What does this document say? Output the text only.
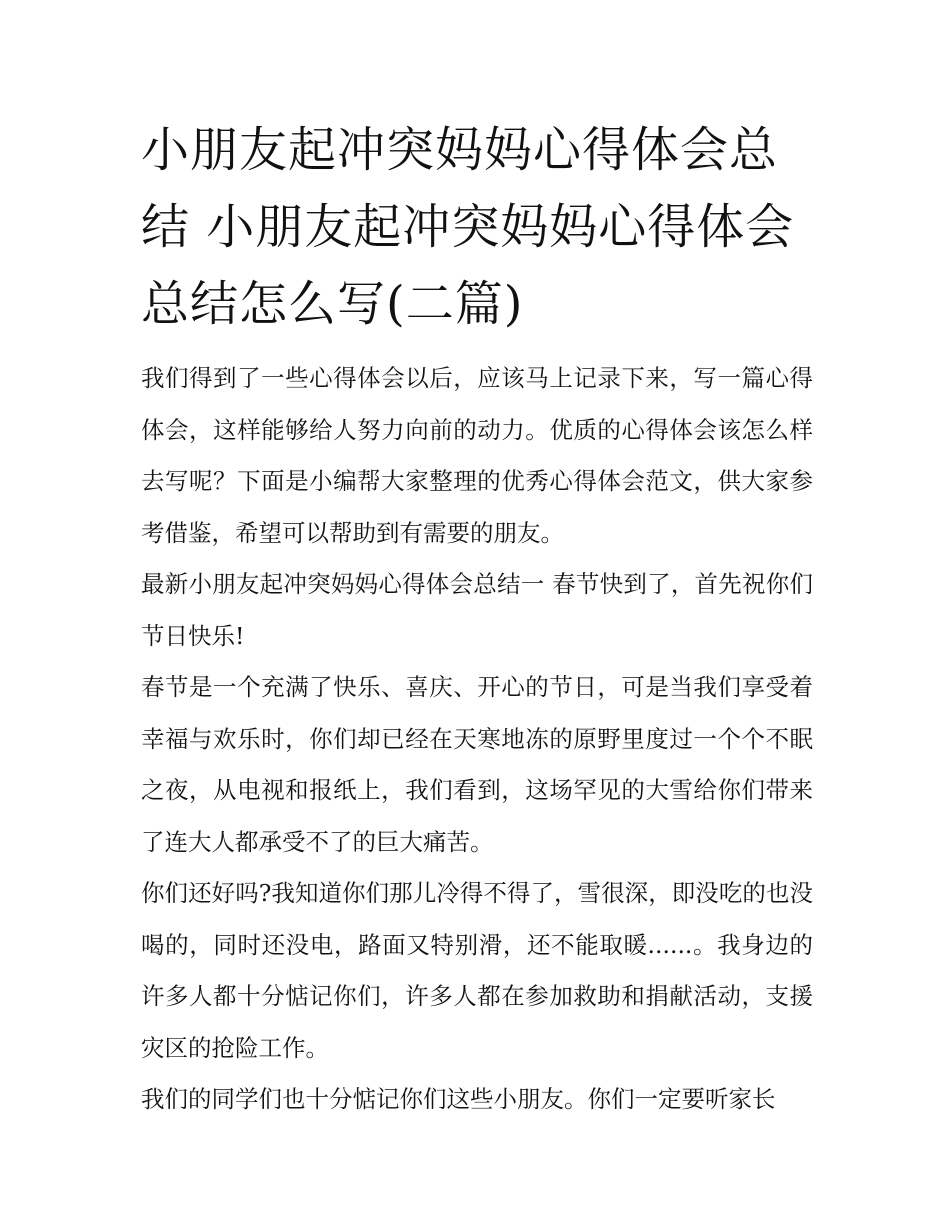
小朋友起冲突妈妈心得体会总结 小朋友起冲突妈妈心得体会总结怎么写(二篇)

我们得到了一些心得体会以后，应该马上记录下来，写一篇心得体会，这样能够给人努力向前的动力。优质的心得体会该怎么样去写呢？下面是小编帮大家整理的优秀心得体会范文，供大家参考借鉴，希望可以帮助到有需要的朋友。

最新小朋友起冲突妈妈心得体会总结一 春节快到了，首先祝你们节日快乐!

春节是一个充满了快乐、喜庆、开心的节日，可是当我们享受着幸福与欢乐时，你们却已经在天寒地冻的原野里度过一个个不眠之夜，从电视和报纸上，我们看到，这场罕见的大雪给你们带来了连大人都承受不了的巨大痛苦。

你们还好吗?我知道你们那儿冷得不得了，雪很深，即没吃的也没喝的，同时还没电，路面又特别滑，还不能取暖......。我身边的许多人都十分惦记你们，许多人都在参加救助和捐献活动，支援灾区的抢险工作。

我们的同学们也十分惦记你们这些小朋友。你们一定要听家长
